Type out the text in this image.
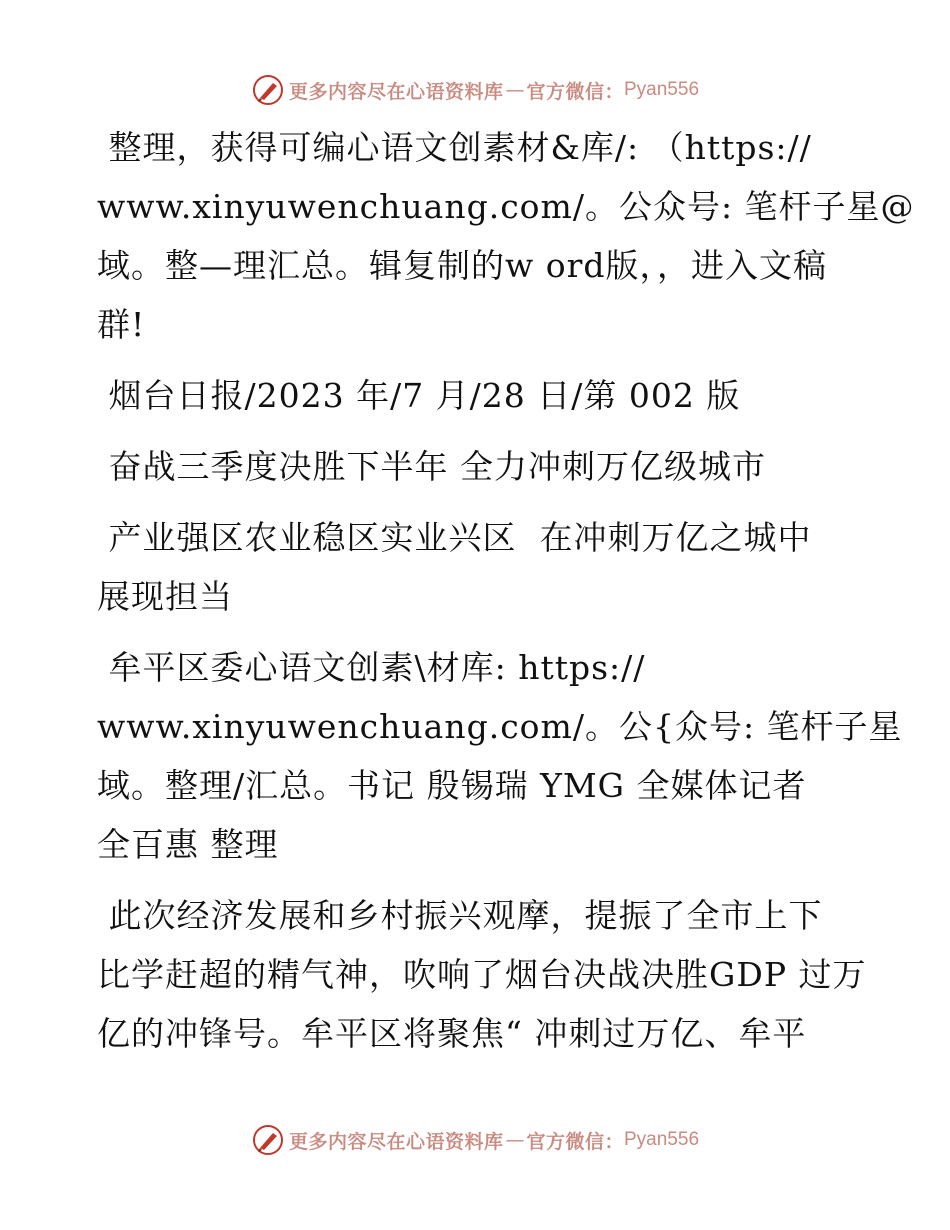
更多内容尽在心语资料库 — 官方微信： Pyan556
整理，获得可编心语文创素材&库/: （https://
www.xinyuwenchuang.com/。公众号: 笔杆子星@
域。整—理汇总。辑复制的w ord版，，进入文稿
群!
烟台日报/2023 年/7 月/28 日/第 002 版
奋战三季度决胜下半年 全力冲刺万亿级城市
产业强区农业稳区实业兴区  在冲刺万亿之城中
展现担当
牟平区委心语文创素\材库: https://
www.xinyuwenchuang.com/。公{众号: 笔杆子星
域。整理/汇总。书记 殷锡瑞 YMG 全媒体记者
全百惠 整理
此次经济发展和乡村振兴观摩，提振了全市上下
比学赶超的精气神，吹响了烟台决战决胜GDP 过万
亿的冲锋号。牟平区将聚焦“ 冲刺过万亿、牟平
更多内容尽在心语资料库 — 官方微信： Pyan556
